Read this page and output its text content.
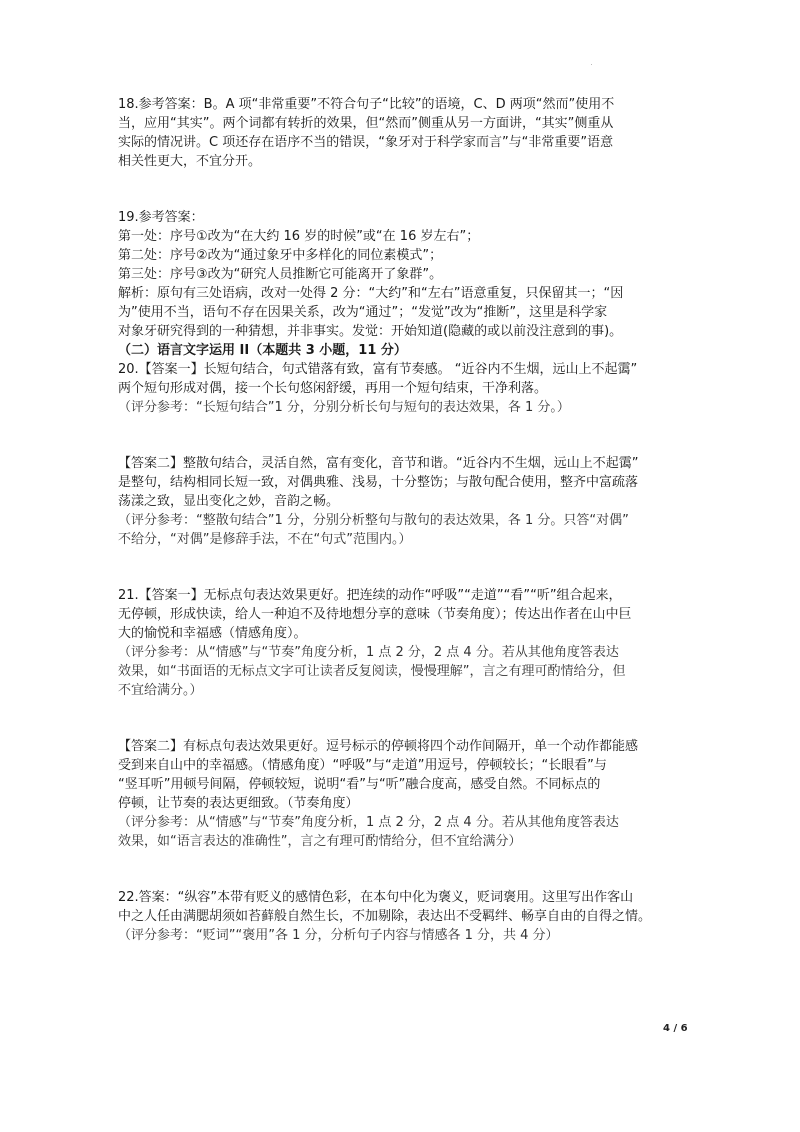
18.参考答案：B。A 项“非常重要”不符合句子“比较”的语境，C、D 两项“然而”使用不

当，应用“其实”。两个词都有转折的效果，但“然而”侧重从另一方面讲，“其实”侧重从

实际的情况讲。C 项还存在语序不当的错误，“象牙对于科学家而言”与“非常重要”语意

相关性更大，不宜分开。

19.参考答案：

第一处：序号①改为“在大约 16 岁的时候”或“在 16 岁左右”；

第二处：序号②改为“通过象牙中多样化的同位素模式”；

第三处：序号③改为“研究人员推断它可能离开了象群”。

解析：原句有三处语病，改对一处得 2 分：“大约”和“左右”语意重复，只保留其一；“因

为”使用不当，语句不存在因果关系，改为“通过”；“发觉”改为“推断”，这里是科学家

对象牙研究得到的一种猜想，并非事实。发觉：开始知道(隐藏的或以前没注意到的事)。

（二）语言文字运用 II（本题共 3 小题，11 分）

20.【答案一】长短句结合，句式错落有致，富有节奏感。 “近谷内不生烟，远山上不起霭”

两个短句形成对偶，接一个长句悠闲舒缓，再用一个短句结束，干净利落。

（评分参考：“长短句结合”1 分，分别分析长句与短句的表达效果，各 1 分。）

【答案二】整散句结合，灵活自然，富有变化，音节和谐。“近谷内不生烟，远山上不起霭”

是整句，结构相同长短一致，对偶典雅、浅易，十分整饬；与散句配合使用，整齐中富疏落

荡漾之致，显出变化之妙，音韵之畅。

（评分参考：“整散句结合”1 分，分别分析整句与散句的表达效果，各 1 分。只答“对偶”

不给分，“对偶”是修辞手法，不在“句式”范围内。）

21.【答案一】无标点句表达效果更好。把连续的动作“呼吸”“走道”“看”“听”组合起来，

无停顿，形成快读，给人一种迫不及待地想分享的意味（节奏角度）；传达出作者在山中巨

大的愉悦和幸福感（情感角度）。

（评分参考：从“情感”与“节奏”角度分析，1 点 2 分，2 点 4 分。若从其他角度答表达

效果，如“书面语的无标点文字可让读者反复阅读，慢慢理解”，言之有理可酌情给分，但

不宜给满分。）

【答案二】有标点句表达效果更好。逗号标示的停顿将四个动作间隔开，单一个动作都能感

受到来自山中的幸福感。（情感角度）“呼吸”与“走道”用逗号，停顿较长；“长眼看”与

“竖耳听”用顿号间隔，停顿较短，说明“看”与“听”融合度高，感受自然。不同标点的

停顿，让节奏的表达更细致。（节奏角度）

（评分参考：从“情感”与“节奏”角度分析，1 点 2 分，2 点 4 分。若从其他角度答表达

效果，如“语言表达的准确性”，言之有理可酌情给分，但不宜给满分）

22.答案：“纵容”本带有贬义的感情色彩，在本句中化为褒义，贬词褒用。这里写出作客山

中之人任由满腮胡须如苔藓般自然生长，不加剔除，表达出不受羁绊、畅享自由的自得之情。

（评分参考：“贬词”“褒用”各 1 分，分析句子内容与情感各 1 分，共 4 分）

4 / 6
